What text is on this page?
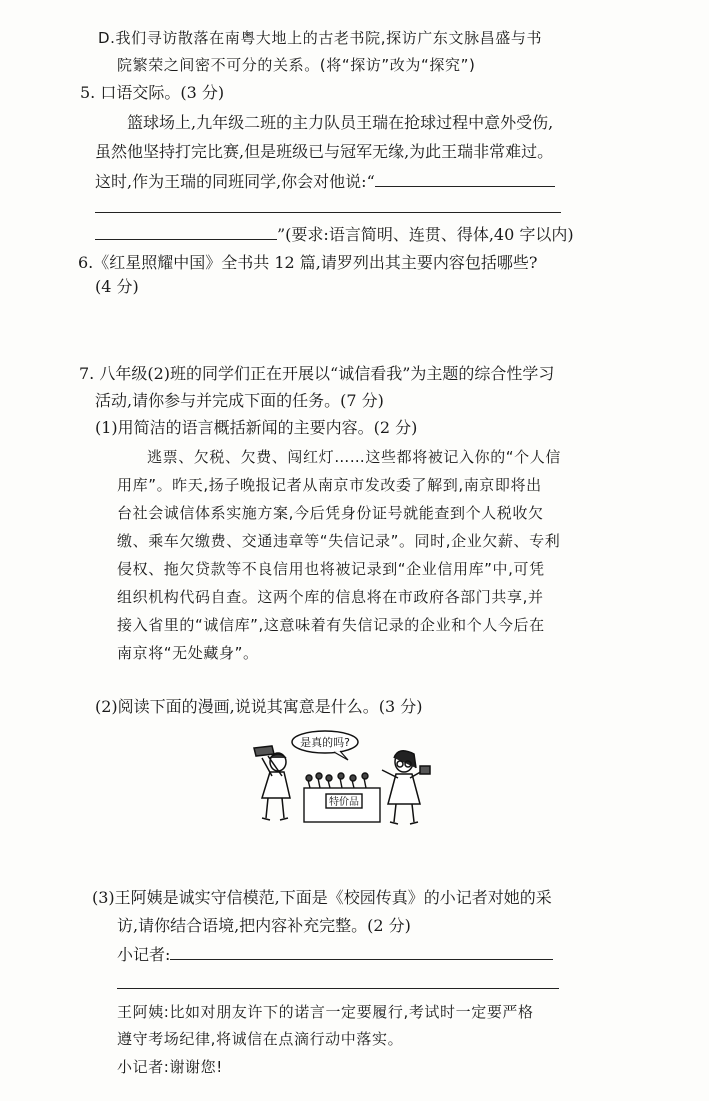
D.我们寻访散落在南粤大地上的古老书院,探访广东文脉昌盛与书
院繁荣之间密不可分的关系。(将“探访”改为“探究”)
5. 口语交际。(3 分)
篮球场上,九年级二班的主力队员王瑞在抢球过程中意外受伤,
虽然他坚持打完比赛,但是班级已与冠军无缘,为此王瑞非常难过。
这时,作为王瑞的同班同学,你会对他说:“
”(要求:语言简明、连贯、得体,40 字以内)
6.《红星照耀中国》全书共 12 篇,请罗列出其主要内容包括哪些?
(4 分)
7. 八年级(2)班的同学们正在开展以“诚信看我”为主题的综合性学习
活动,请你参与并完成下面的任务。(7 分)
(1)用简洁的语言概括新闻的主要内容。(2 分)
逃票、欠税、欠费、闯红灯……这些都将被记入你的“个人信
用库”。昨天,扬子晚报记者从南京市发改委了解到,南京即将出
台社会诚信体系实施方案,今后凭身份证号就能查到个人税收欠
缴、乘车欠缴费、交通违章等“失信记录”。同时,企业欠薪、专利
侵权、拖欠贷款等不良信用也将被记录到“企业信用库”中,可凭
组织机构代码自查。这两个库的信息将在市政府各部门共享,并
接入省里的“诚信库”,这意味着有失信记录的企业和个人今后在
南京将“无处藏身”。
(2)阅读下面的漫画,说说其寓意是什么。(3 分)
是真的吗?
特价品
(3)王阿姨是诚实守信模范,下面是《校园传真》的小记者对她的采
访,请你结合语境,把内容补充完整。(2 分)
小记者:
王阿姨:比如对朋友许下的诺言一定要履行,考试时一定要严格
遵守考场纪律,将诚信在点滴行动中落实。
小记者:谢谢您!
